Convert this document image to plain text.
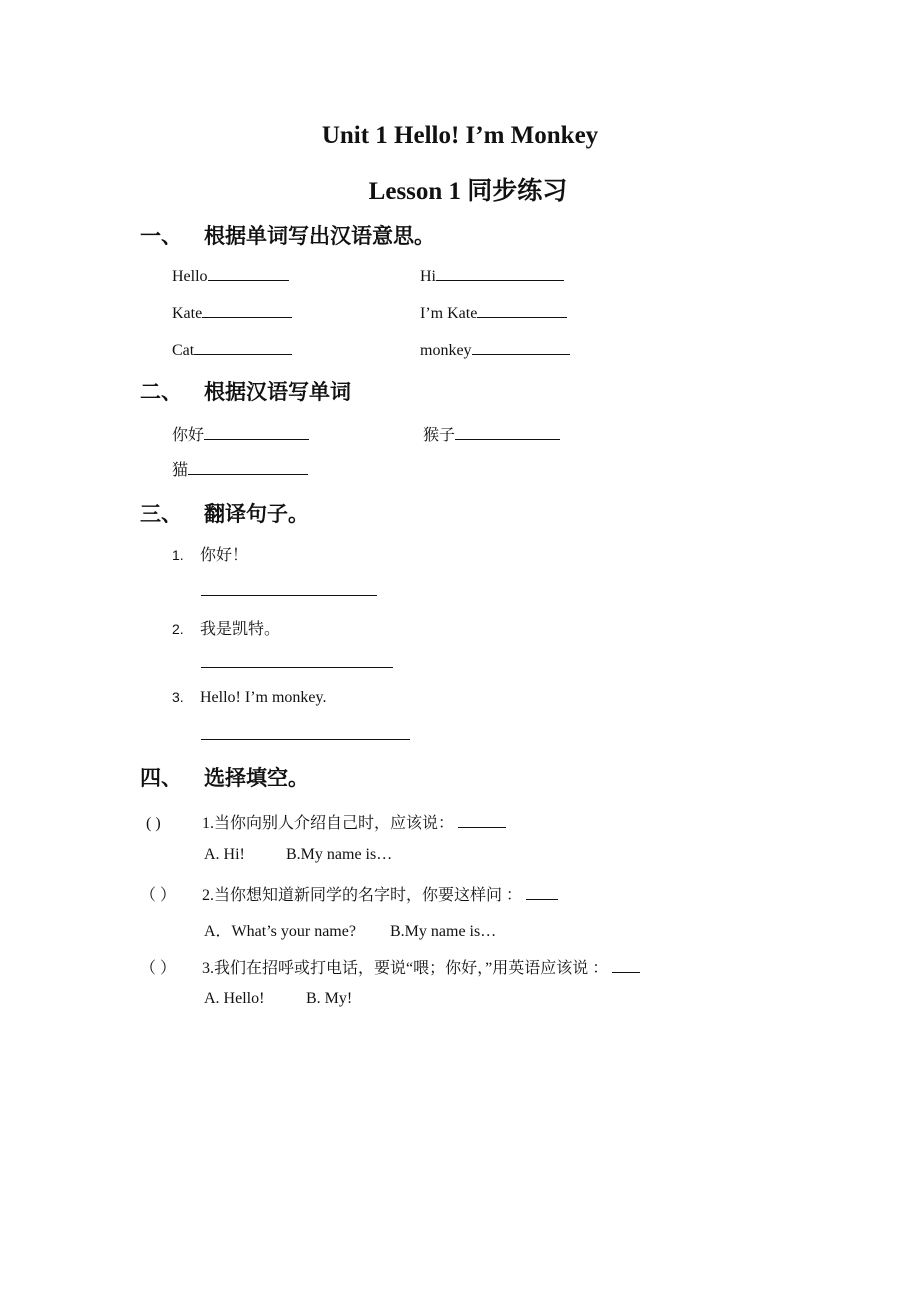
Unit 1 Hello! I’m Monkey
Lesson 1 同步练习
一、 根据单词写出汉语意思。
Hello	Hi
Kate	I’m Kate
Cat	monkey
二、 根据汉语写单词
你好	猴子
猫
三、 翻译句子。
1. 你好！
2. 我是凯特。
3. Hello! I’m monkey.
四、 选择填空。
( )	1.当你向别人介绍自己时，应该说：
A. Hi!	B.My name is…
（ ） 2.当你想知道新同学的名字时，你要这样问 ：
A．What’s your name? B.My name is…
（ ） 3.我们在招呼或打电话，要说“喂；你好，”用英语应该说 ：
A. Hello!	B. My!
